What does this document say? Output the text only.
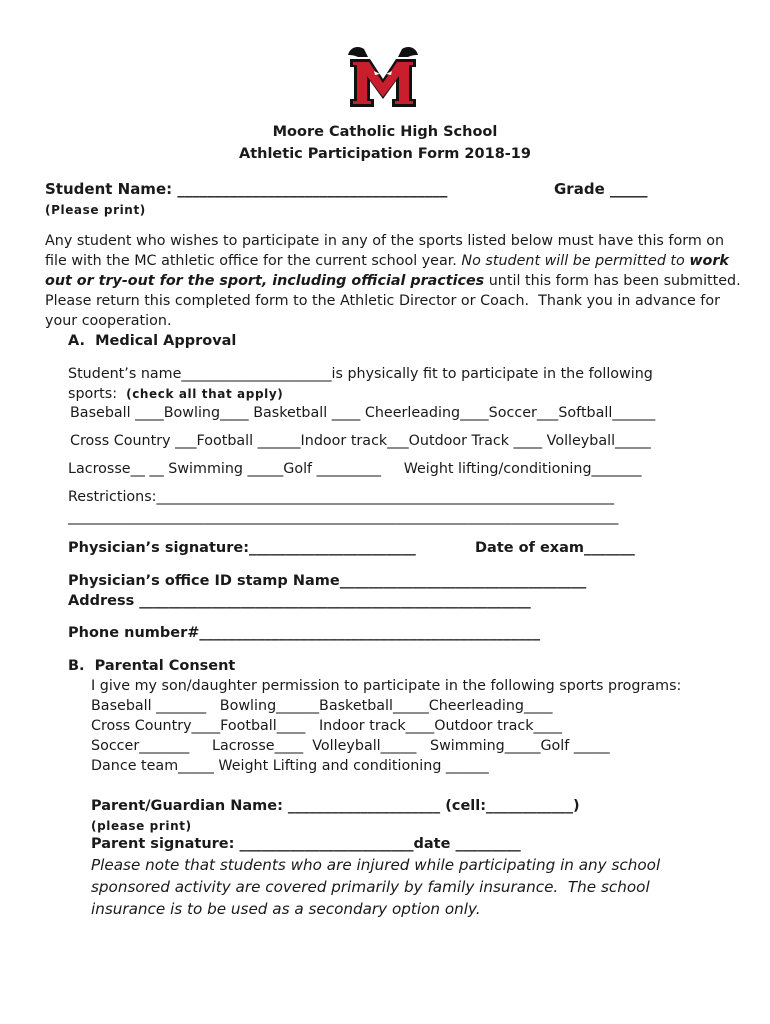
Moore Catholic High School
Athletic Participation Form 2018-19
Student Name: ____________________________________	Grade _____
(Please print)
Any student who wishes to participate in any of the sports listed below must have this form on
file with the MC athletic office for the current school year. No student will be permitted to work
out or try-out for the sport, including official practices until this form has been submitted.
Please return this completed form to the Athletic Director or Coach.  Thank you in advance for
your cooperation.
A.  Medical Approval
Student’s name_____________________is physically fit to participate in the following
sports:  (check all that apply)
Baseball ____Bowling____ Basketball ____ Cheerleading____Soccer___Softball______
Cross Country ___Football ______Indoor track___Outdoor Track ____ Volleyball_____
Lacrosse__ __ Swimming _____Golf _________     Weight lifting/conditioning_______
Restrictions:________________________________________________________________
_____________________________________________________________________________
Physician’s signature:_______________________	Date of exam_______
Physician’s office ID stamp Name__________________________________
Address ______________________________________________________
Phone number#_______________________________________________
B.  Parental Consent
I give my son/daughter permission to participate in the following sports programs:
Baseball _______   Bowling______Basketball_____Cheerleading____
Cross Country____Football____   Indoor track____Outdoor track____
Soccer_______     Lacrosse____  Volleyball_____   Swimming_____Golf _____
Dance team_____ Weight Lifting and conditioning ______
Parent/Guardian Name: _____________________ (cell:____________)
(please print)
Parent signature: ________________________date _________
Please note that students who are injured while participating in any school
sponsored activity are covered primarily by family insurance.  The school
insurance is to be used as a secondary option only.
